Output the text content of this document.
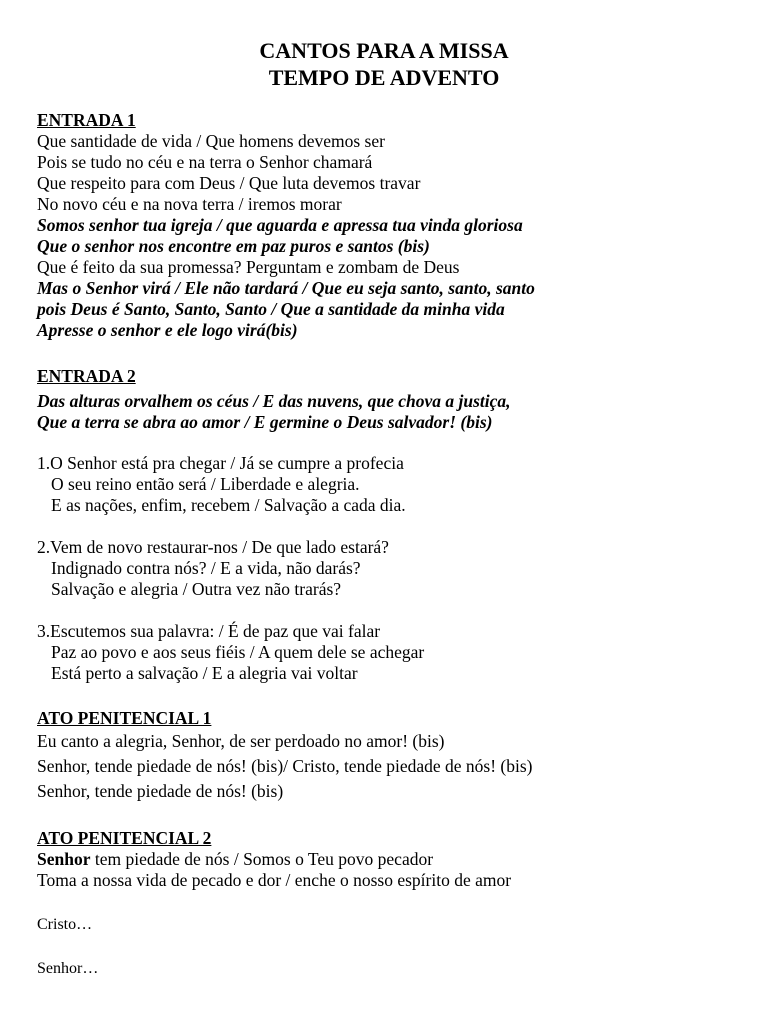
CANTOS PARA A MISSA
TEMPO DE ADVENTO

ENTRADA 1

Que santidade de vida / Que homens devemos ser

Pois se tudo no céu e na terra o Senhor chamará

Que respeito para com Deus / Que luta devemos travar

No novo céu e na nova terra / iremos morar

Somos senhor tua igreja / que aguarda e apressa tua vinda gloriosa

Que o senhor nos encontre em paz puros e santos (bis)

Que é feito da sua promessa? Perguntam e zombam de Deus

Mas o Senhor virá / Ele não tardará / Que eu seja santo, santo, santo

pois Deus é Santo, Santo, Santo / Que a santidade da minha vida

Apresse o senhor e ele logo virá(bis)

ENTRADA 2

Das alturas orvalhem os céus / E das nuvens, que chova a justiça,

Que a terra se abra ao amor / E germine o Deus salvador! (bis)

1.O Senhor está pra chegar / Já se cumpre a profecia

O seu reino então será / Liberdade e alegria.

E as nações, enfim, recebem / Salvação a cada dia.

2.Vem de novo restaurar-nos / De que lado estará?

Indignado contra nós? / E a vida, não darás?

Salvação e alegria / Outra vez não trarás?

3.Escutemos sua palavra: / É de paz que vai falar

Paz ao povo e aos seus fiéis / A quem dele se achegar

Está perto a salvação / E a alegria vai voltar

ATO PENITENCIAL 1

Eu canto a alegria, Senhor, de ser perdoado no amor! (bis)

Senhor, tende piedade de nós! (bis)/ Cristo, tende piedade de nós! (bis)

Senhor, tende piedade de nós! (bis)

ATO PENITENCIAL 2

Senhor tem piedade de nós / Somos o Teu povo pecador

Toma a nossa vida de pecado e dor / enche o nosso espírito de amor

Cristo…

Senhor…
